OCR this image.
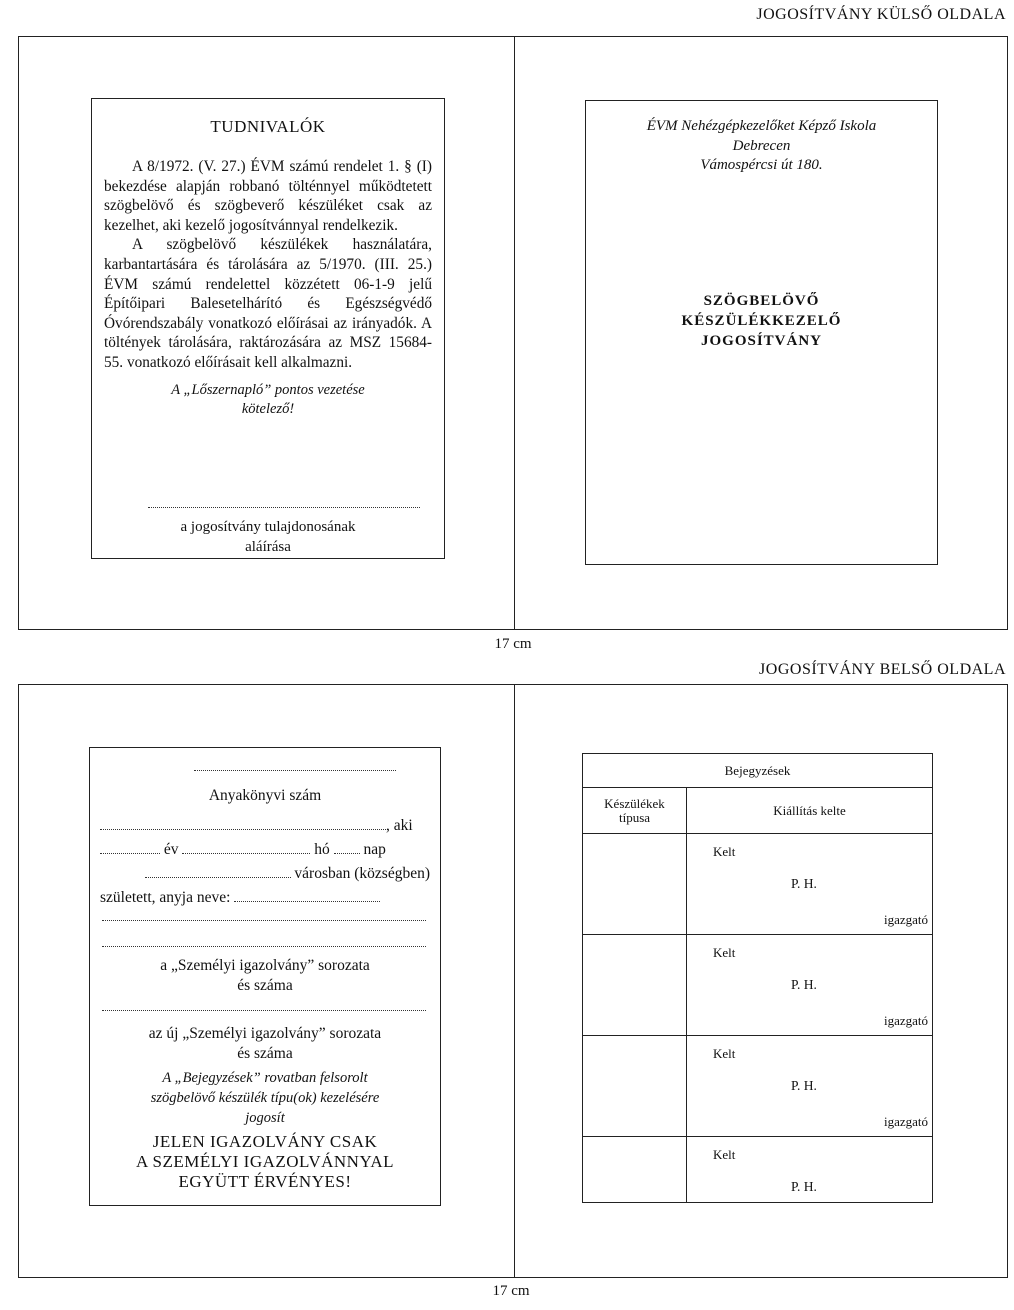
JOGOSÍTVÁNY KÜLSŐ OLDALA
TUDNIVALÓK

A 8/1972. (V. 27.) ÉVM számú rendelet 1. § (I) bekezdése alapján robbanó tölténnyel működtetett szögbelövő és szögbeverő készüléket csak az kezelhet, aki kezelő jogosítvánnyal rendelkezik.

A szögbelövő készülékek használatára, karbantartására és tárolására az 5/1970. (III. 25.) ÉVM számú rendelettel közzétett 06-1-9 jelű Építőipari Balesetelhárító és Egészségvédő Óvórendszabály vonatkozó előírásai az irányadók. A töltények tárolására, raktározására az MSZ 15684-55. vonatkozó előírásait kell alkalmazni.

A „Lőszernapló” pontos vezetése
kötelező!
a jogosítvány tulajdonosának
aláírása
ÉVM Nehézgépkezelőket Képző Iskola
Debrecen
Vámospércsi út 180.
SZÖGBELÖVŐ
KÉSZÜLÉKKEZELŐ
JOGOSÍTVÁNY
17 cm
JOGOSÍTVÁNY BELSŐ OLDALA
Anyakönyvi szám
, aki
év	hó nap
városban (községben)
született, anyja neve:
a „Személyi igazolvány” sorozata
és száma
az új „Személyi igazolvány” sorozata
és száma
A „Bejegyzések” rovatban felsorolt
szögbelövő készülék típu(ok) kezelésére
jogosít
JELEN IGAZOLVÁNY CSAK
A SZEMÉLYI IGAZOLVÁNNYAL
EGYÜTT ÉRVÉNYES!
Bejegyzések	

Készülékek
típusa	Kiállítás kelte

	Kelt
P. H.
igazgató

	Kelt
P. H.
igazgató

	Kelt
P. H.
igazgató

	Kelt
P. H.
17 cm
